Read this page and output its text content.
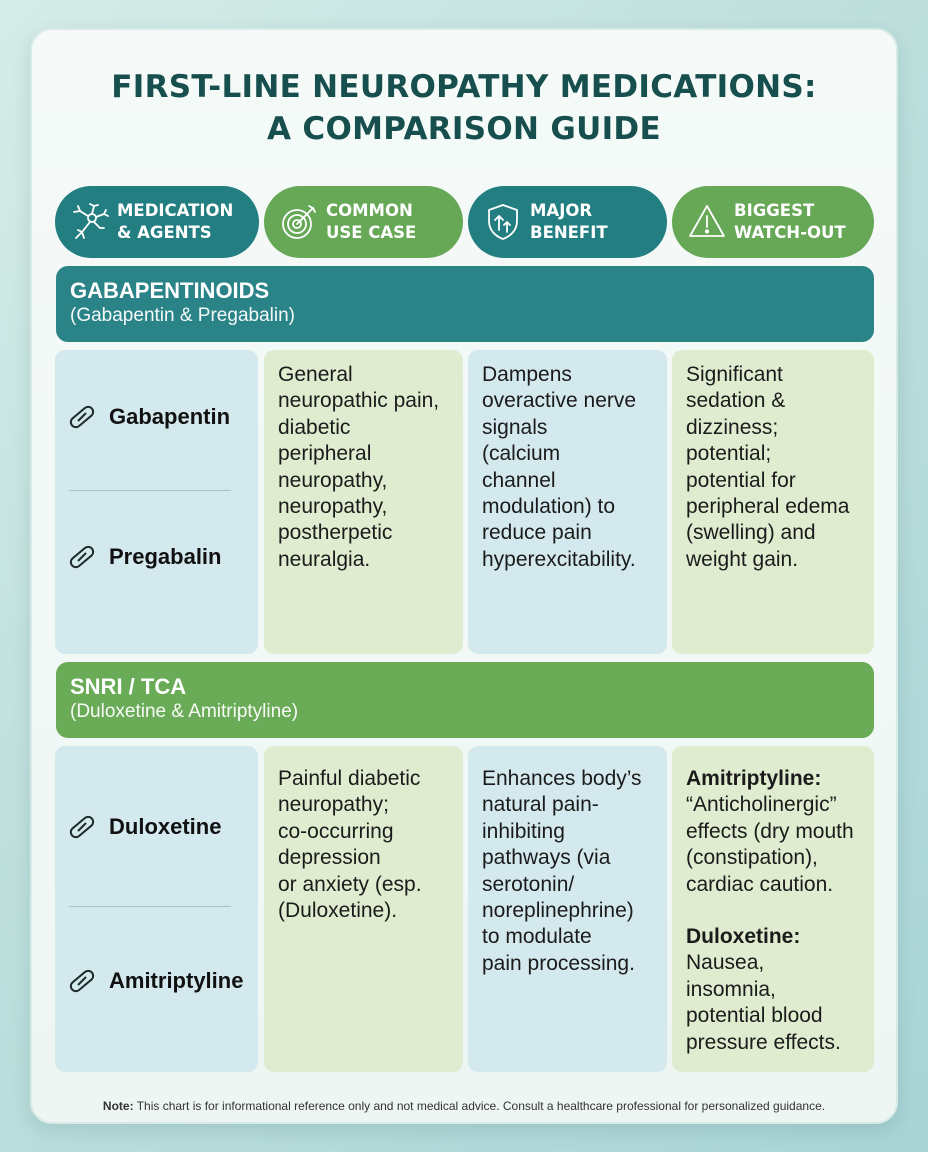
FIRST-LINE NEUROPATHY MEDICATIONS:
A COMPARISON GUIDE
MEDICATION
& AGENTS
COMMON
USE CASE
MAJOR
BENEFIT
BIGGEST
WATCH-OUT
GABAPENTINOIDS
(Gabapentin & Pregabalin)
Gabapentin
Pregabalin
General
neuropathic pain,
diabetic
peripheral
neuropathy,
neuropathy,
postherpetic
neuralgia.
Dampens
overactive nerve
signals
(calcium
channel
modulation) to
reduce pain
hyperexcitability.
Significant
sedation &
dizziness;
potential;
potential for
peripheral edema
(swelling) and
weight gain.
SNRI / TCA
(Duloxetine & Amitriptyline)
Duloxetine
Amitriptyline
Painful diabetic
neuropathy;
co-occurring
depression
or anxiety (esp.
(Duloxetine).
Enhances body’s
natural pain-
inhibiting
pathways (via
serotonin/
noreplinephrine)
to modulate
pain processing.
Amitriptyline:
“Anticholinergic”
effects (dry mouth
(constipation),
cardiac caution.
Duloxetine:
Nausea,
insomnia,
potential blood
pressure effects.
Note: This chart is for informational reference only and not medical advice. Consult a healthcare professional for personalized guidance.
